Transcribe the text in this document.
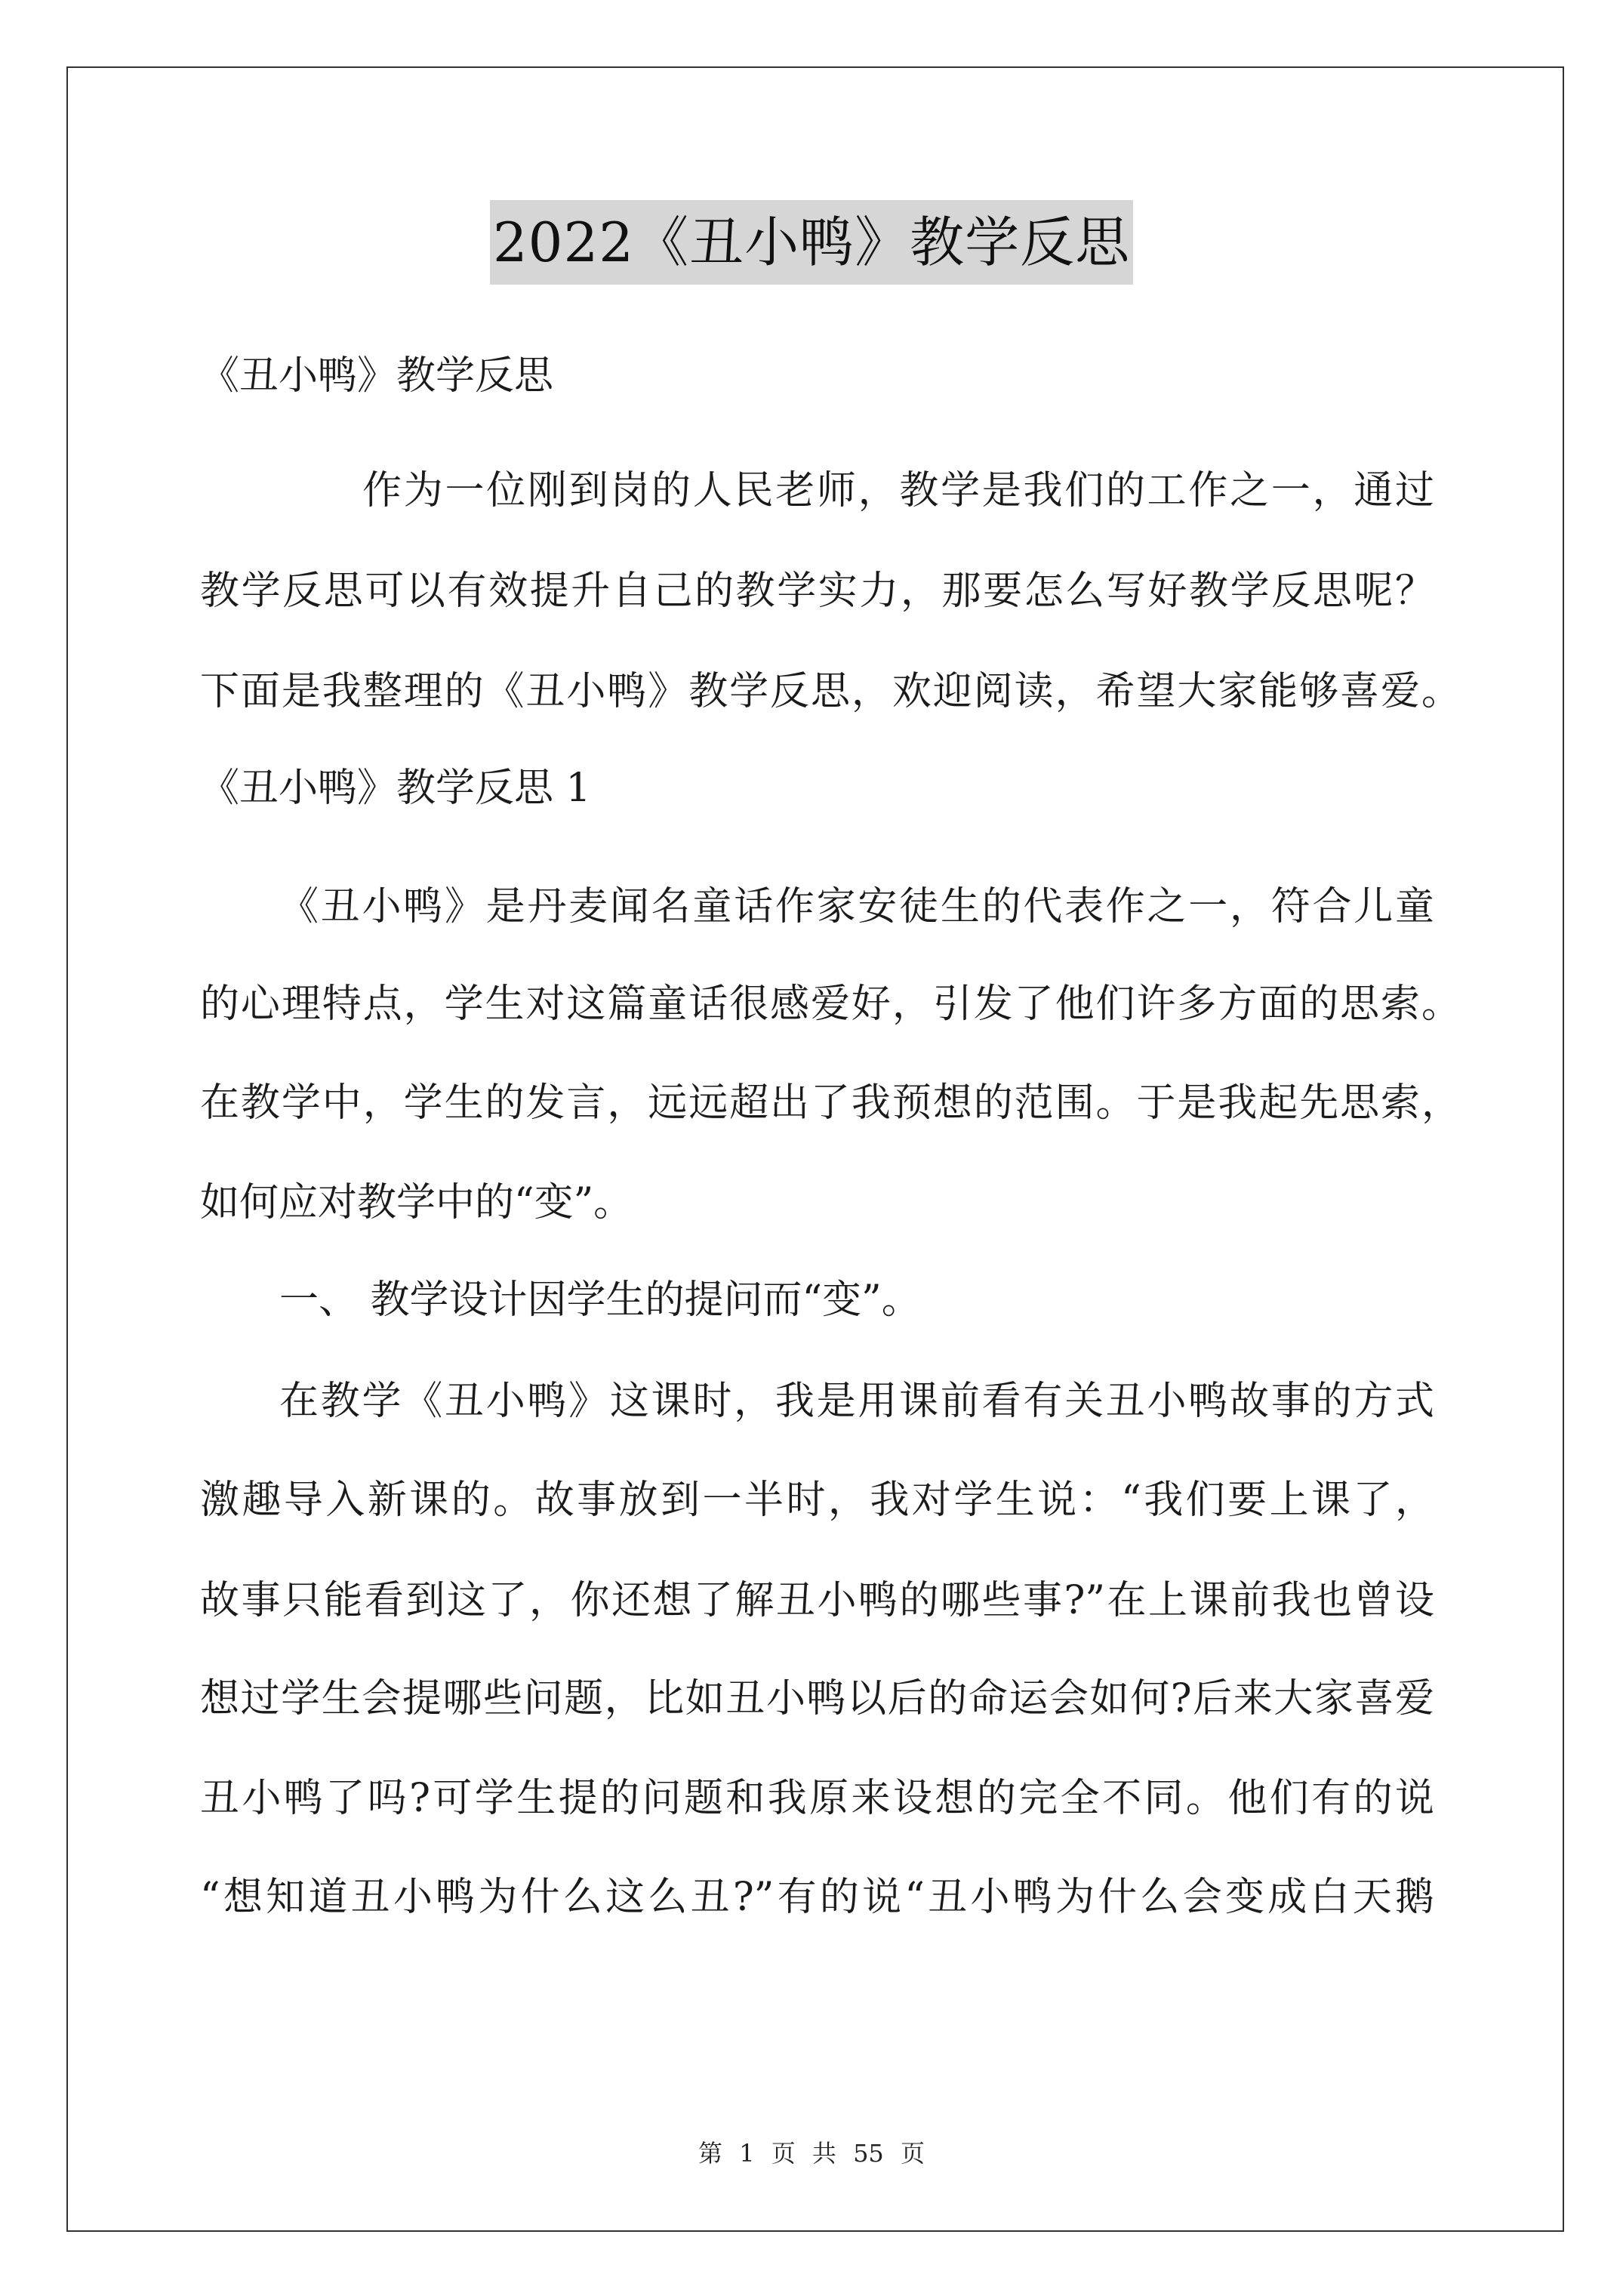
2022《丑小鸭》教学反思
《丑小鸭》教学反思
作为一位刚到岗的人民老师，教学是我们的工作之一，通过
教学反思可以有效提升自己的教学实力，那要怎么写好教学反思呢？
下面是我整理的《丑小鸭》教学反思，欢迎阅读，希望大家能够喜爱。
《丑小鸭》教学反思 1
《丑小鸭》是丹麦闻名童话作家安徒生的代表作之一，符合儿童
的心理特点，学生对这篇童话很感爱好，引发了他们许多方面的思索。
在教学中，学生的发言，远远超出了我预想的范围。于是我起先思索，
如何应对教学中的“变”。
一、 教学设计因学生的提问而“变”。
在教学《丑小鸭》这课时，我是用课前看有关丑小鸭故事的方式
激趣导入新课的。故事放到一半时，我对学生说：“我们要上课了，
故事只能看到这了，你还想了解丑小鸭的哪些事?”在上课前我也曾设
想过学生会提哪些问题，比如丑小鸭以后的命运会如何?后来大家喜爱
丑小鸭了吗?可学生提的问题和我原来设想的完全不同。他们有的说
“想知道丑小鸭为什么这么丑?”有的说“丑小鸭为什么会变成白天鹅
第 1 页 共 55 页
